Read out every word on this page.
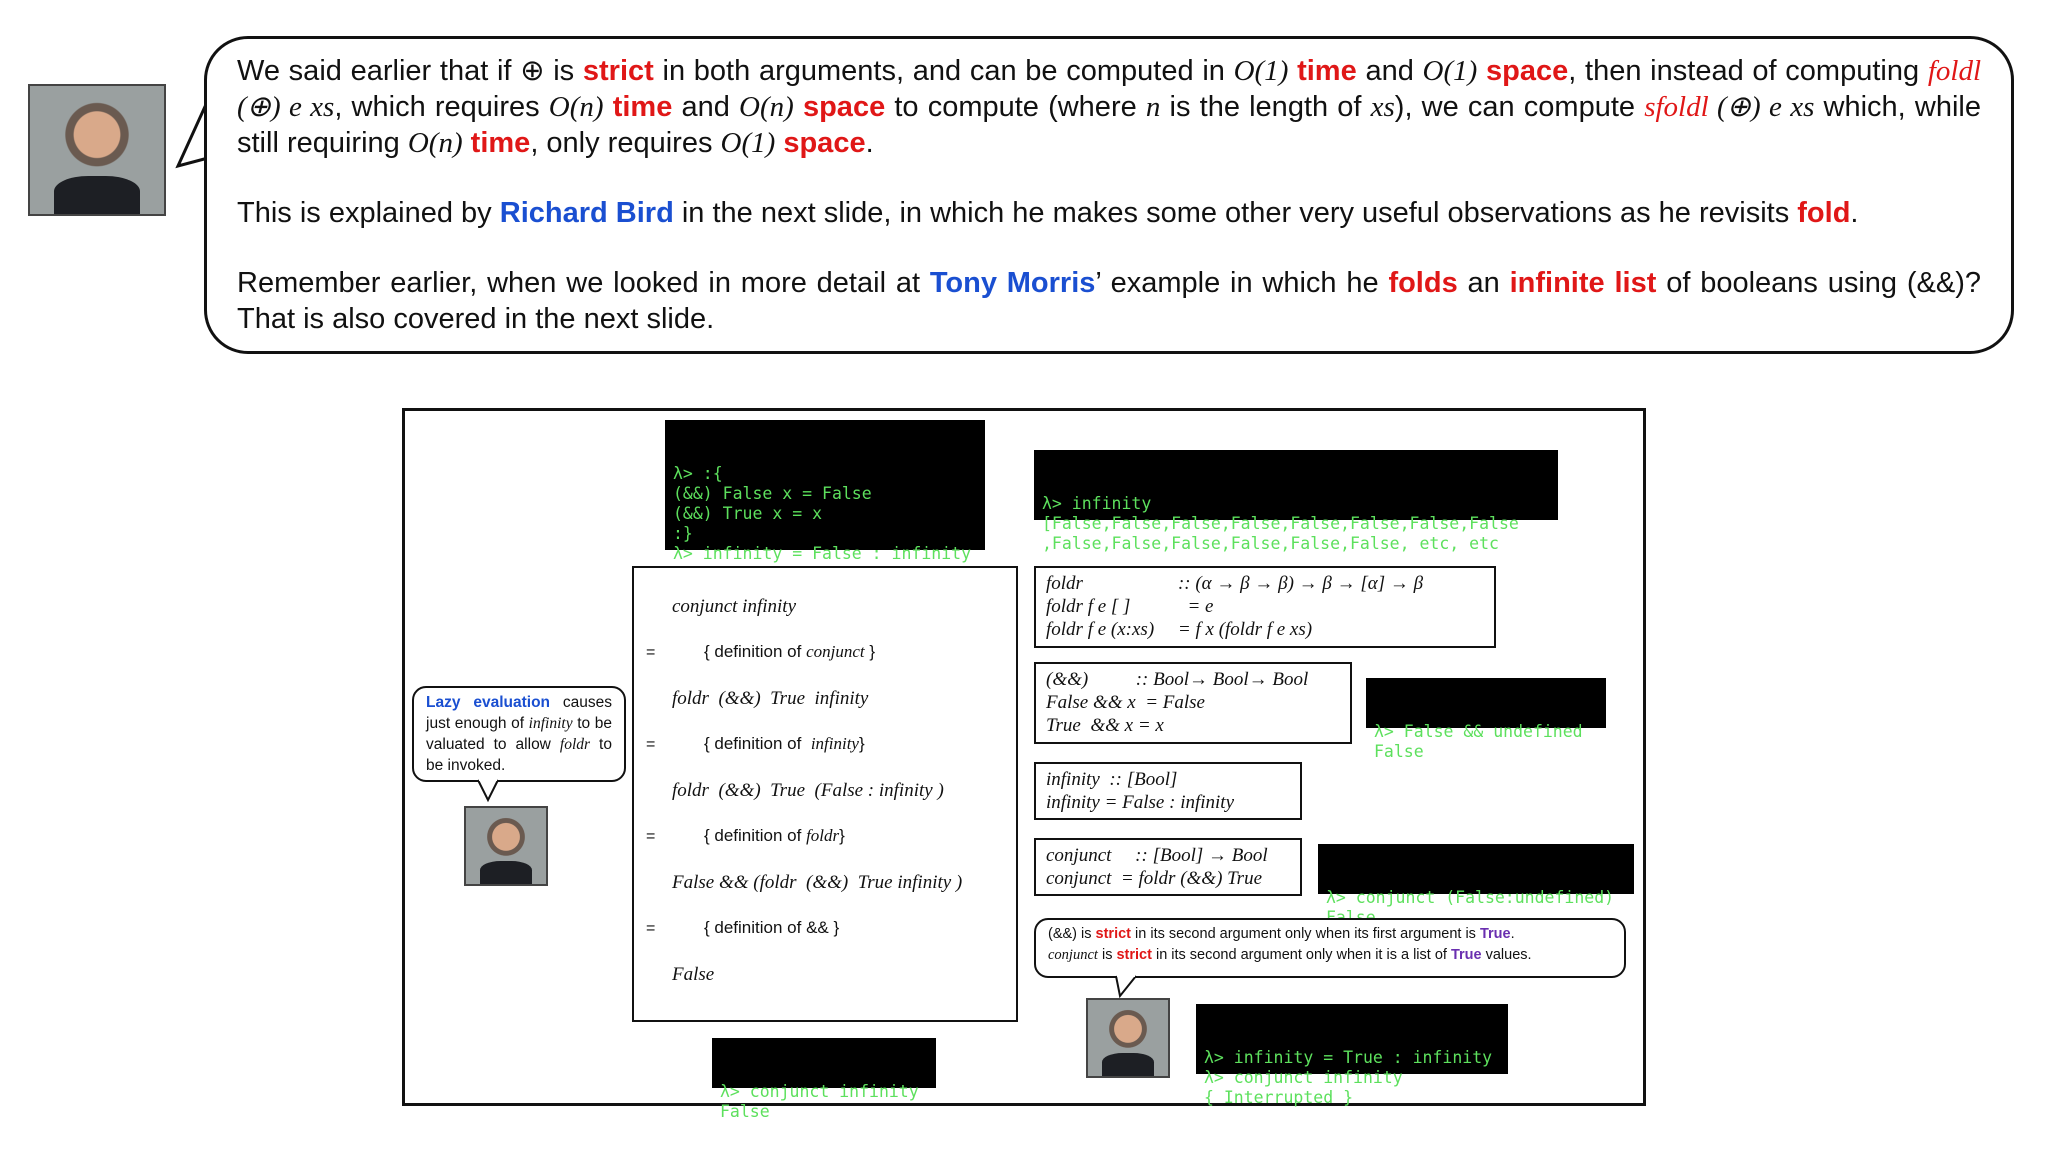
We said earlier that if ⊕ is strict in both arguments, and can be computed in O(1) time and O(1) space, then instead of computing foldl (⊕) e xs, which requires O(n) time and O(n) space to compute (where n is the length of xs), we can compute sfoldl (⊕) e xs which, while still requiring O(n) time, only requires O(1) space.
This is explained by Richard Bird in the next slide, in which he makes some other very useful observations as he revisits fold.
Remember earlier, when we looked in more detail at Tony Morris’ example in which he folds an infinite list of booleans using (&&)? That is also covered in the next slide.

λ> :{
(&&) False x = False
(&&) True x = x
:}
λ> infinity = False : infinity

λ> infinity
[False,False,False,False,False,False,False,False
,False,False,False,False,False,False, etc, etc

conjunct infinity
=	{ definition of conjunct }
foldr  (&&)  True  infinity
=	{ definition of  infinity}
foldr  (&&)  True  (False : infinity )
=	{ definition of foldr}
False && (foldr  (&&)  True infinity )
=	{ definition of && }
False

λ> conjunct infinity
False

foldr                    :: (α → β → β) → β → [α] → β
foldr f e [ ]            = e
foldr f e (x:xs)     = f x (foldr f e xs)
(&&)          :: Bool→ Bool→ Bool
False && x  = False
True  && x = x

	λ> False && undefined
False

infinity  :: [Bool]
infinity = False : infinity
conjunct     :: [Bool] → Bool
conjunct  = foldr (&&) True

λ> conjunct (False:undefined)

Lazy evaluation causes just enough of infinity to be valuated to allow foldr to be invoked.
(&&) is strict in its second argument only when its first argument is True.
conjunct is strict in its second argument only when it is a list of True values.

λ> infinity = True : infinity
λ> conjunct infinity
{ Interrupted }
